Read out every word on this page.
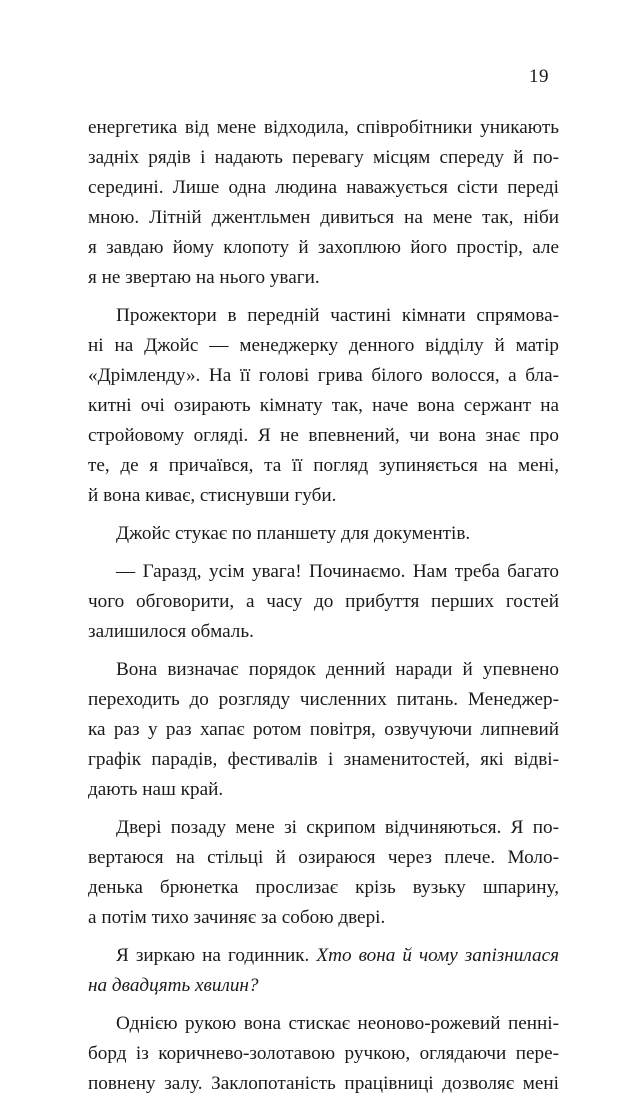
19
енергетика від мене відходила, співробітники уникають
задніх рядів і надають перевагу місцям спереду й по-
середині. Лише одна людина наважується сісти переді
мною. Літній джентльмен дивиться на мене так, ніби
я завдаю йому клопоту й захоплюю його простір, але
я не звертаю на нього уваги.
Прожектори в передній частині кімнати спрямова-
ні на Джойс — менеджерку денного відділу й матір
«Дрімленду». На її голові грива білого волосся, а бла-
китні очі озирають кімнату так, наче вона сержант на
стройовому огляді. Я не впевнений, чи вона знає про
те, де я причаївся, та її погляд зупиняється на мені,
й вона киває, стиснувши губи.
Джойс стукає по планшету для документів.
— Гаразд, усім увага! Починаємо. Нам треба багато
чого обговорити, а часу до прибуття перших гостей
залишилося обмаль.
Вона визначає порядок денний наради й упевнено
переходить до розгляду численних питань. Менеджер-
ка раз у раз хапає ротом повітря, озвучуючи липневий
графік парадів, фестивалів і знаменитостей, які відві-
дають наш край.
Двері позаду мене зі скрипом відчиняються. Я по-
вертаюся на стільці й озираюся через плече. Моло-
денька брюнетка прослизає крізь вузьку шпарину,
а потім тихо зачиняє за собою двері.
Я зиркаю на годинник. Хто вона й чому запізнилася
на двадцять хвилин?
Однією рукою вона стискає неоново-рожевий пенні-
борд із коричнево-золотавою ручкою, оглядаючи пере-
повнену залу. Заклопотаність працівниці дозволяє мені
